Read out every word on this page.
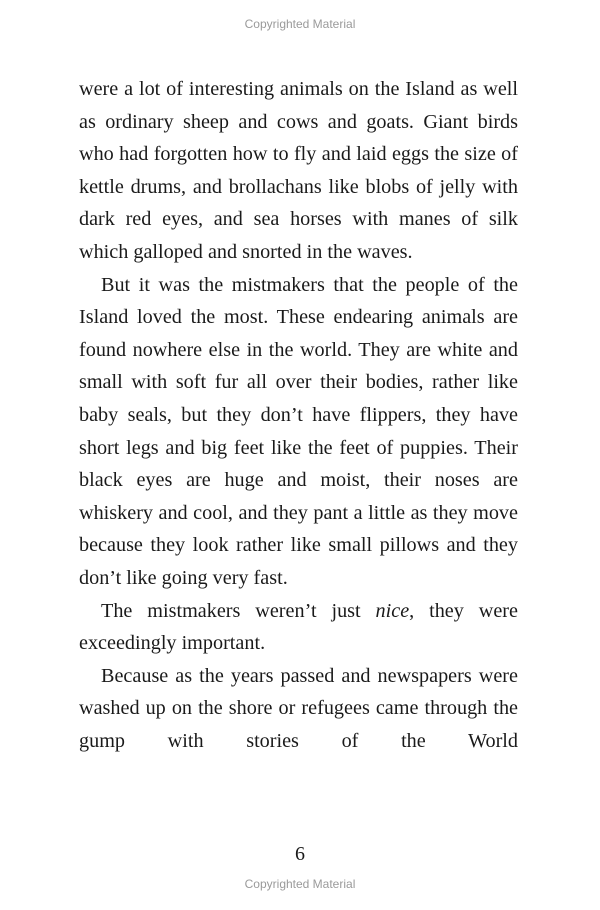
Copyrighted Material

were a lot of interesting animals on the Island as well as ordinary sheep and cows and goats. Giant birds who had forgotten how to fly and laid eggs the size of kettle drums, and brollachans like blobs of jelly with dark red eyes, and sea horses with manes of silk which galloped and snorted in the waves.

But it was the mistmakers that the people of the Island loved the most. These endearing animals are found nowhere else in the world. They are white and small with soft fur all over their bodies, rather like baby seals, but they don’t have flippers, they have short legs and big feet like the feet of puppies. Their black eyes are huge and moist, their noses are whiskery and cool, and they pant a little as they move because they look rather like small pillows and they don’t like going very fast.

The mistmakers weren’t just nice, they were exceedingly important.

Because as the years passed and newspapers were washed up on the shore or refugees came through the gump with stories of the World

6
Copyrighted Material
